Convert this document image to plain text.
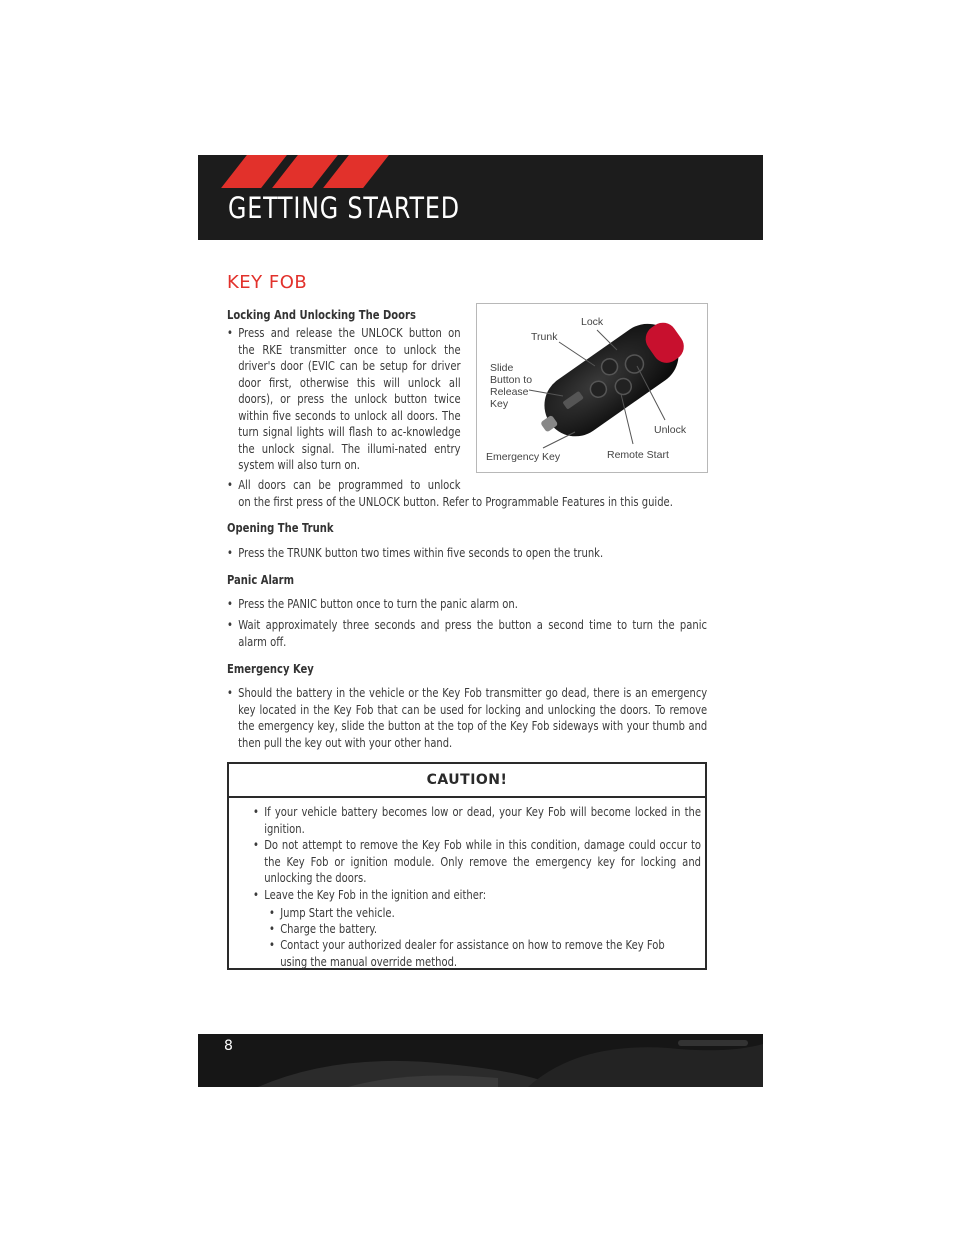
GETTING STARTED
KEY FOB
Locking And Unlocking The Doors
• Press and release the UNLOCK button on the RKE transmitter once to unlock the driver's door (EVIC can be setup for driver door first, otherwise this will unlock all doors), or press the unlock button twice within five seconds to unlock all doors. The turn signal lights will flash to ac-knowledge the unlock signal. The illumi-nated entry system will also turn on.
• All doors can be programmed to unlock
on the first press of the UNLOCK button. Refer to Programmable Features in this guide.
Lock
Trunk
Slide
Button to
Release
Key
Unlock
Emergency Key	Remote Start
Opening The Trunk
• Press the TRUNK button two times within five seconds to open the trunk.
Panic Alarm
• Press the PANIC button once to turn the panic alarm on.
• Wait approximately three seconds and press the button a second time to turn the panic alarm off.
Emergency Key
• Should the battery in the vehicle or the Key Fob transmitter go dead, there is an emergency key located in the Key Fob that can be used for locking and unlocking the doors. To remove the emergency key, slide the button at the top of the Key Fob sideways with your thumb and then pull the key out with your other hand.
CAUTION!
• If your vehicle battery becomes low or dead, your Key Fob will become locked in the ignition.
• Do not attempt to remove the Key Fob while in this condition, damage could occur to the Key Fob or ignition module. Only remove the emergency key for locking and unlocking the doors.
• Leave the Key Fob in the ignition and either:
• Jump Start the vehicle.
• Charge the battery.
• Contact your authorized dealer for assistance on how to remove the Key Fob using the manual override method.
8
